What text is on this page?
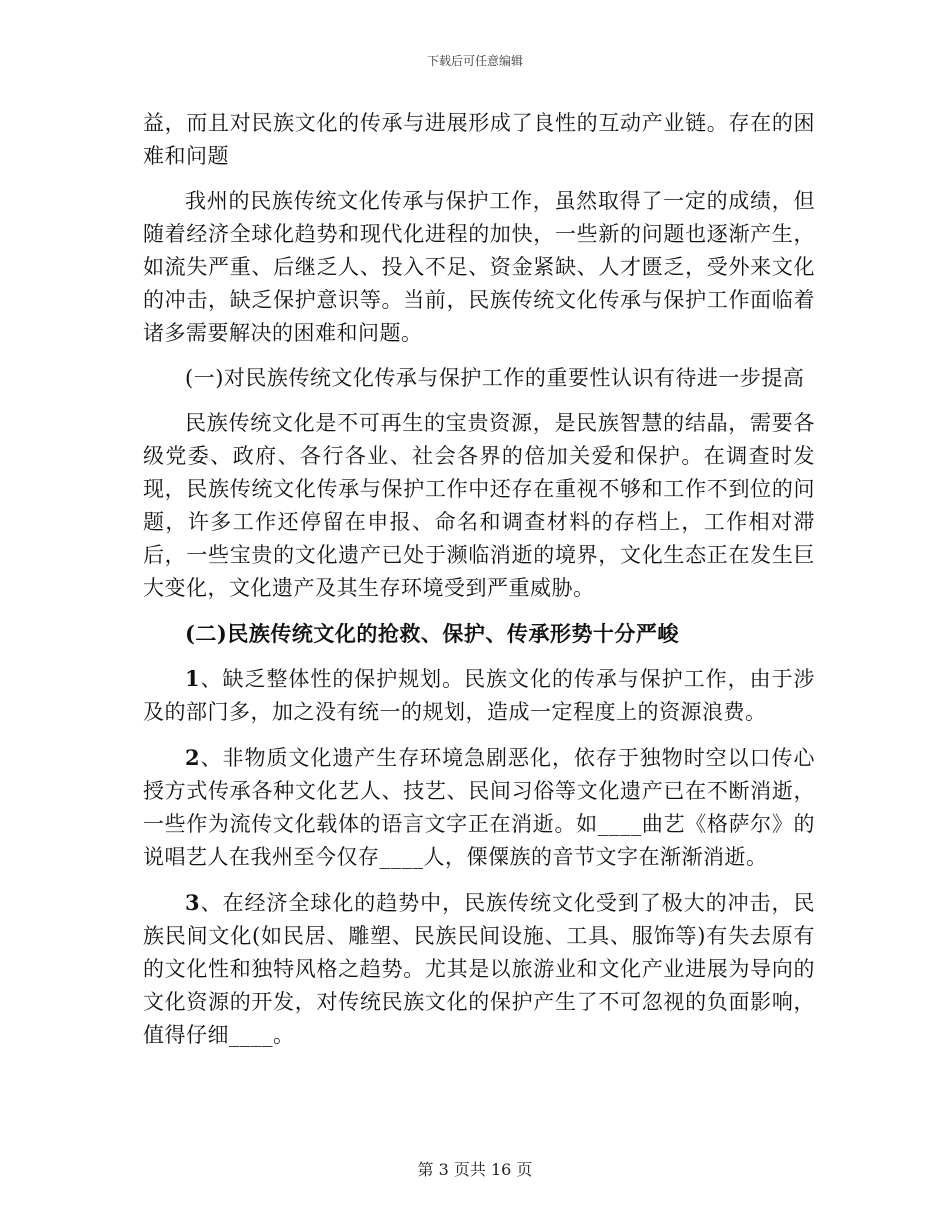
下载后可任意编辑

益，而且对民族文化的传承与进展形成了良性的互动产业链。存在的困难和问题

我州的民族传统文化传承与保护工作，虽然取得了一定的成绩，但随着经济全球化趋势和现代化进程的加快，一些新的问题也逐渐产生，如流失严重、后继乏人、投入不足、资金紧缺、人才匮乏，受外来文化的冲击，缺乏保护意识等。当前，民族传统文化传承与保护工作面临着诸多需要解决的困难和问题。

(一)对民族传统文化传承与保护工作的重要性认识有待进一步提高

民族传统文化是不可再生的宝贵资源，是民族智慧的结晶，需要各级党委、政府、各行各业、社会各界的倍加关爱和保护。在调查时发现，民族传统文化传承与保护工作中还存在重视不够和工作不到位的问题，许多工作还停留在申报、命名和调查材料的存档上，工作相对滞后，一些宝贵的文化遗产已处于濒临消逝的境界，文化生态正在发生巨大变化，文化遗产及其生存环境受到严重威胁。

(二)民族传统文化的抢救、保护、传承形势十分严峻

1、缺乏整体性的保护规划。民族文化的传承与保护工作，由于涉及的部门多，加之没有统一的规划，造成一定程度上的资源浪费。

2、非物质文化遗产生存环境急剧恶化，依存于独物时空以口传心授方式传承各种文化艺人、技艺、民间习俗等文化遗产已在不断消逝，一些作为流传文化载体的语言文字正在消逝。如____曲艺《格萨尔》的说唱艺人在我州至今仅存____人，傈僳族的音节文字在渐渐消逝。

3、在经济全球化的趋势中，民族传统文化受到了极大的冲击，民族民间文化(如民居、雕塑、民族民间设施、工具、服饰等)有失去原有的文化性和独特风格之趋势。尤其是以旅游业和文化产业进展为导向的文化资源的开发，对传统民族文化的保护产生了不可忽视的负面影响，值得仔细____。

第 3 页共 16 页
